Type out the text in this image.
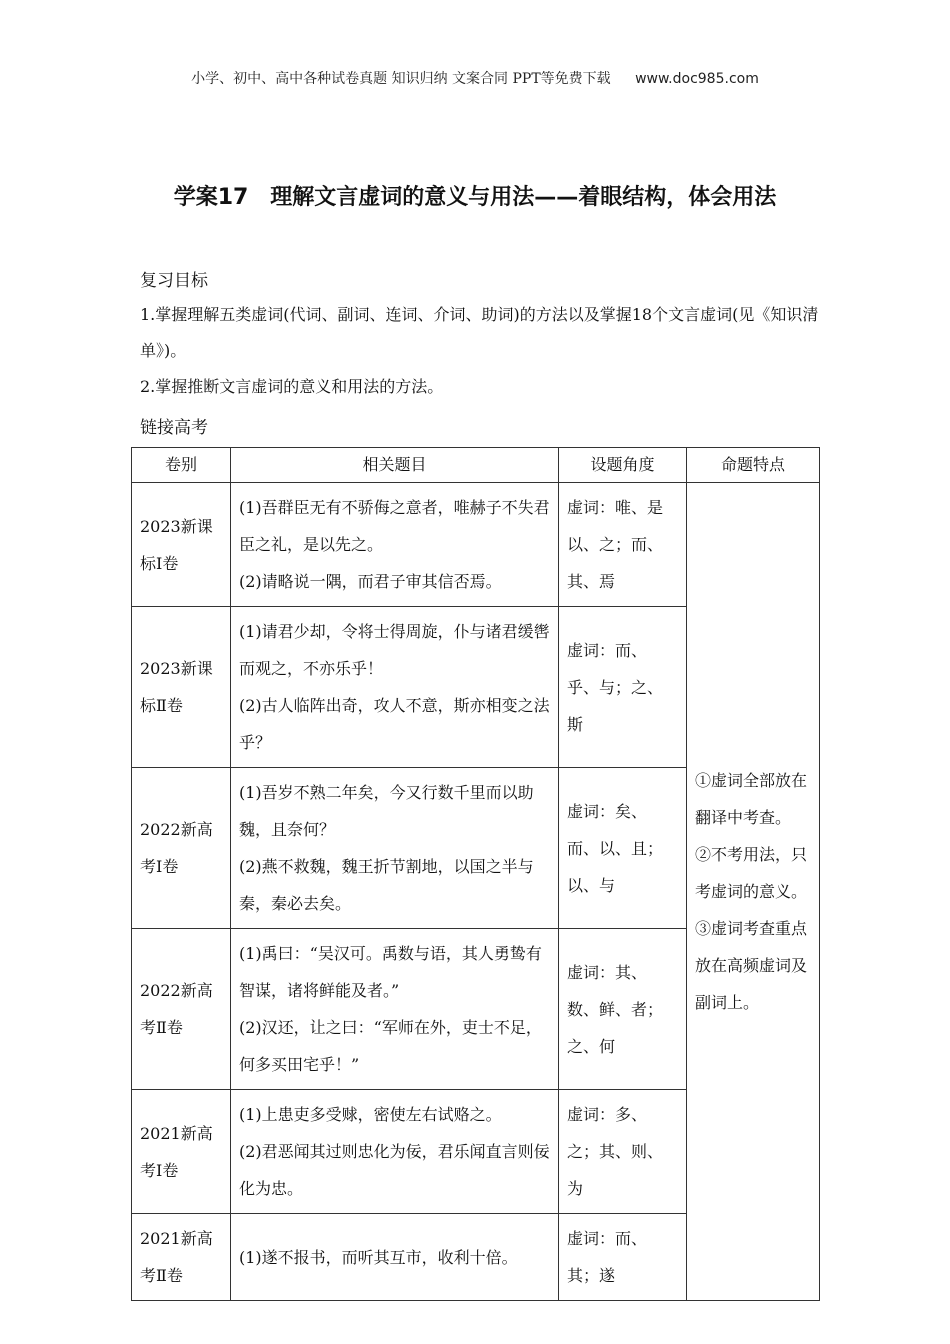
小学、初中、高中各种试卷真题 知识归纳 文案合同 PPT等免费下载 www.doc985.com
学案17　理解文言虚词的意义与用法——着眼结构，体会用法
复习目标
1.掌握理解五类虚词(代词、副词、连词、介词、助词)的方法以及掌握18个文言虚词(见《知识清单》)。
2.掌握推断文言虚词的意义和用法的方法。
链接高考
卷别	相关题目	设题角度	命题特点
2023新课标Ⅰ卷	(1)吾群臣无有不骄侮之意者，唯赫子不失君臣之礼，是以先之。
(2)请略说一隅，而君子审其信否焉。	虚词：唯、是以、之；而、其、焉	①虚词全部放在翻译中考查。
②不考用法，只考虚词的意义。
③虚词考查重点放在高频虚词及副词上。
2023新课标Ⅱ卷	(1)请君少却，令将士得周旋，仆与诸君缓辔而观之，不亦乐乎！
(2)古人临阵出奇，攻人不意，斯亦相变之法乎？	虚词：而、乎、与；之、斯	
2022新高考Ⅰ卷	(1)吾岁不熟二年矣，今又行数千里而以助魏，且奈何？
(2)燕不救魏，魏王折节割地，以国之半与秦，秦必去矣。	虚词：矣、而、以、且；以、与	
2022新高考Ⅱ卷	(1)禹曰：“吴汉可。禹数与语，其人勇鸷有智谋，诸将鲜能及者。”
(2)汉还，让之曰：“军师在外，吏士不足，何多买田宅乎！”	虚词：其、数、鲜、者；之、何	
2021新高考Ⅰ卷	(1)上患吏多受赇，密使左右试赂之。
(2)君恶闻其过则忠化为佞，君乐闻直言则佞化为忠。	虚词：多、之；其、则、为	
2021新高考Ⅱ卷	(1)遂不报书，而听其互市，收利十倍。	虚词：而、其；遂	
